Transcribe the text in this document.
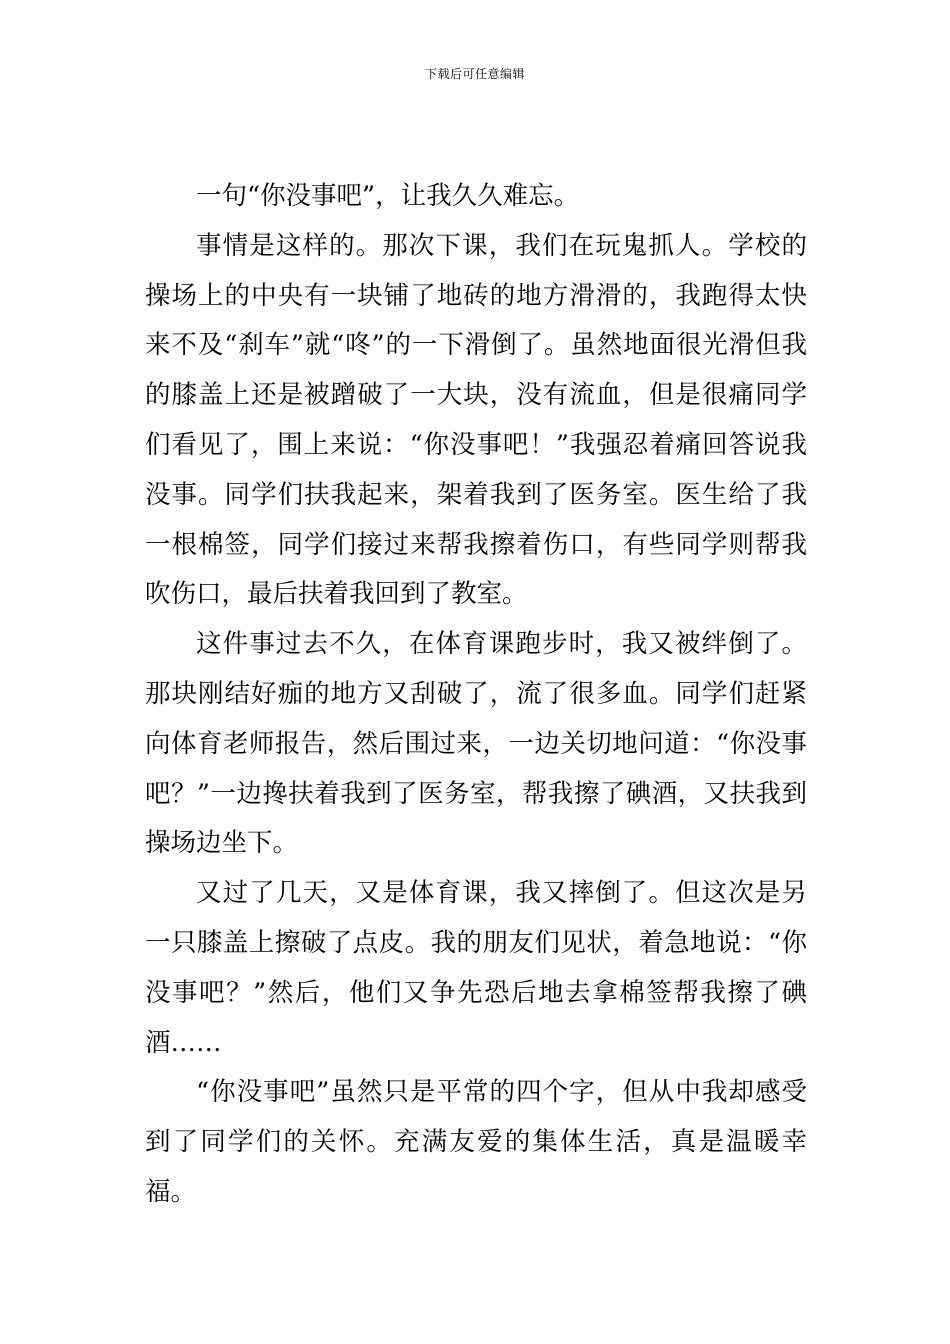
下载后可任意编辑

一句“你没事吧”，让我久久难忘。

事情是这样的。那次下课，我们在玩鬼抓人。学校的操场上的中央有一块铺了地砖的地方滑滑的，我跑得太快来不及“刹车”就“咚”的一下滑倒了。虽然地面很光滑但我的膝盖上还是被蹭破了一大块，没有流血，但是很痛同学们看见了，围上来说：“你没事吧！”我强忍着痛回答说我没事。同学们扶我起来，架着我到了医务室。医生给了我一根棉签，同学们接过来帮我擦着伤口，有些同学则帮我吹伤口，最后扶着我回到了教室。

这件事过去不久，在体育课跑步时，我又被绊倒了。那块刚结好痂的地方又刮破了，流了很多血。同学们赶紧向体育老师报告，然后围过来，一边关切地问道：“你没事吧？”一边搀扶着我到了医务室，帮我擦了碘酒，又扶我到操场边坐下。

又过了几天，又是体育课，我又摔倒了。但这次是另一只膝盖上擦破了点皮。我的朋友们见状，着急地说：“你没事吧？”然后，他们又争先恐后地去拿棉签帮我擦了碘酒……

“你没事吧”虽然只是平常的四个字，但从中我却感受到了同学们的关怀。充满友爱的集体生活，真是温暖幸福。
